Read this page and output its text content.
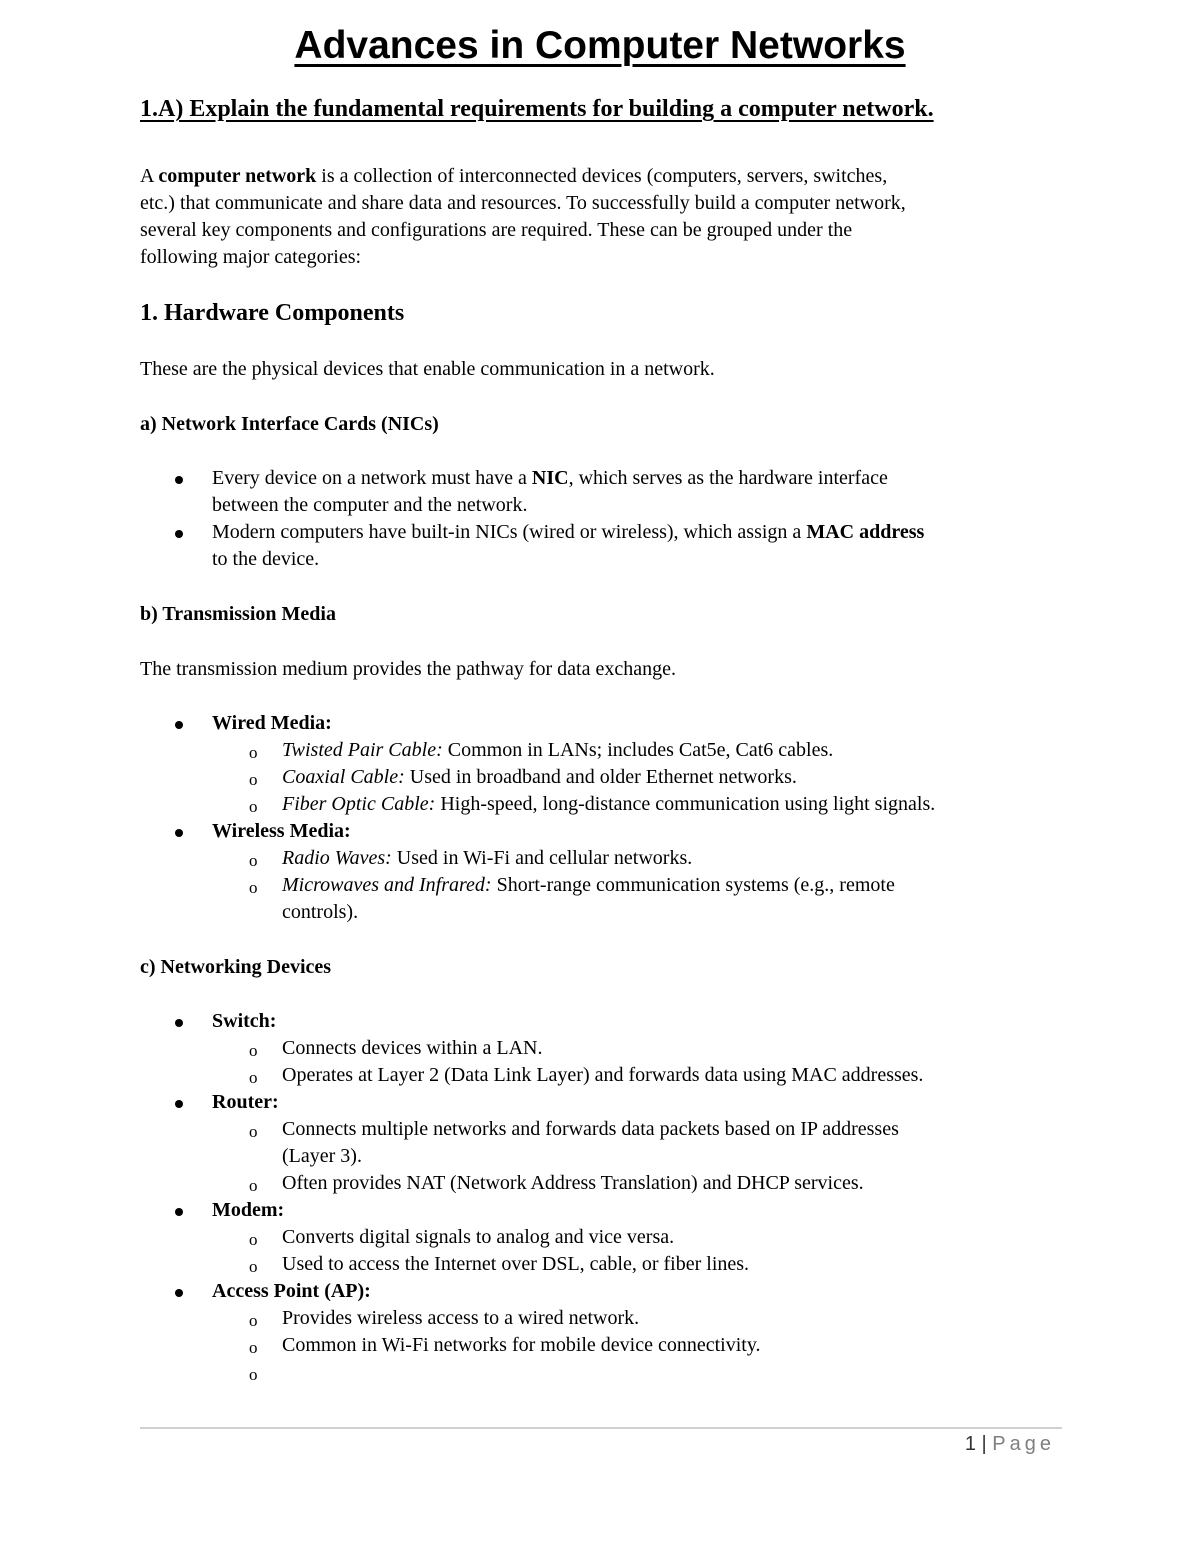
Advances in Computer Networks

1.A) Explain the fundamental requirements for building a computer network.

A computer network is a collection of interconnected devices (computers, servers, switches,

etc.) that communicate and share data and resources. To successfully build a computer network,

several key components and configurations are required. These can be grouped under the

following major categories:

1. Hardware Components

These are the physical devices that enable communication in a network.

a) Network Interface Cards (NICs)

Every device on a network must have a NIC, which serves as the hardware interface

between the computer and the network.

Modern computers have built-in NICs (wired or wireless), which assign a MAC address

to the device.

b) Transmission Media

The transmission medium provides the pathway for data exchange.

Wired Media:

o Twisted Pair Cable: Common in LANs; includes Cat5e, Cat6 cables.

o Coaxial Cable: Used in broadband and older Ethernet networks.

o Fiber Optic Cable: High-speed, long-distance communication using light signals.

Wireless Media:

o Radio Waves: Used in Wi-Fi and cellular networks.

o Microwaves and Infrared: Short-range communication systems (e.g., remote

controls).

c) Networking Devices

Switch:

o Connects devices within a LAN.

o Operates at Layer 2 (Data Link Layer) and forwards data using MAC addresses.

Router:

o Connects multiple networks and forwards data packets based on IP addresses

(Layer 3).

o Often provides NAT (Network Address Translation) and DHCP services.

Modem:

o Converts digital signals to analog and vice versa.

o Used to access the Internet over DSL, cable, or fiber lines.

Access Point (AP):

o Provides wireless access to a wired network.

o Common in Wi-Fi networks for mobile device connectivity.

o

1 | Page
